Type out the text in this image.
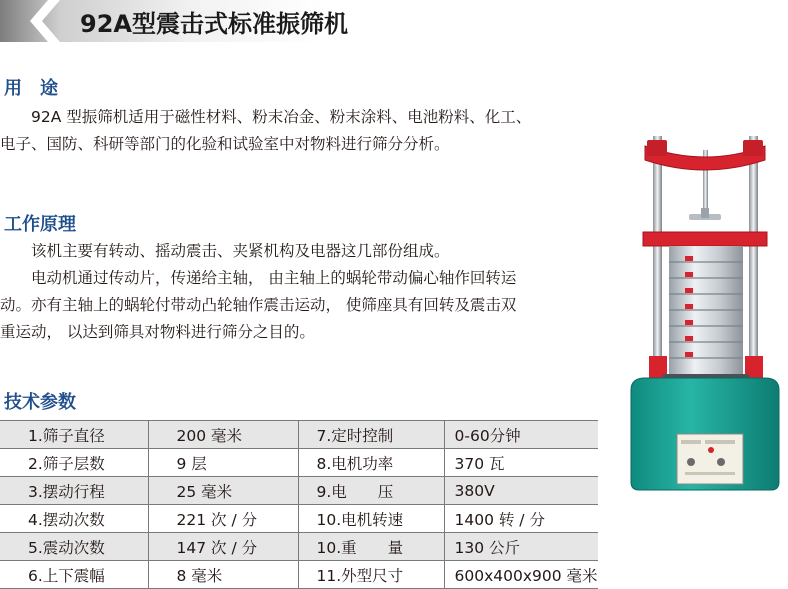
92A型震击式标准振筛机
用　途
　　92A 型振筛机适用于磁性材料、粉末冶金、粉末涂料、电池粉料、化工、
电子、国防、科研等部门的化验和试验室中对物料进行筛分分析。
工作原理
　　该机主要有转动、摇动震击、夹紧机构及电器这几部份组成。
　　电动机通过传动片，传递给主轴， 由主轴上的蜗轮带动偏心轴作回转运
动。亦有主轴上的蜗轮付带动凸轮轴作震击运动， 使筛座具有回转及震击双
重运动， 以达到筛具对物料进行筛分之目的。
技术参数
1.筛子直径	200 毫米	7.定时控制	0-60分钟
2.筛子层数	9 层	8.电机功率	370 瓦
3.摆动行程	25 毫米	9.电　　压	380V
4.摆动次数	221 次 / 分	10.电机转速	1400 转 / 分
5.震动次数	147 次 / 分	10.重　　量	130 公斤
6.上下震幅	8 毫米	11.外型尺寸	600x400x900 毫米
